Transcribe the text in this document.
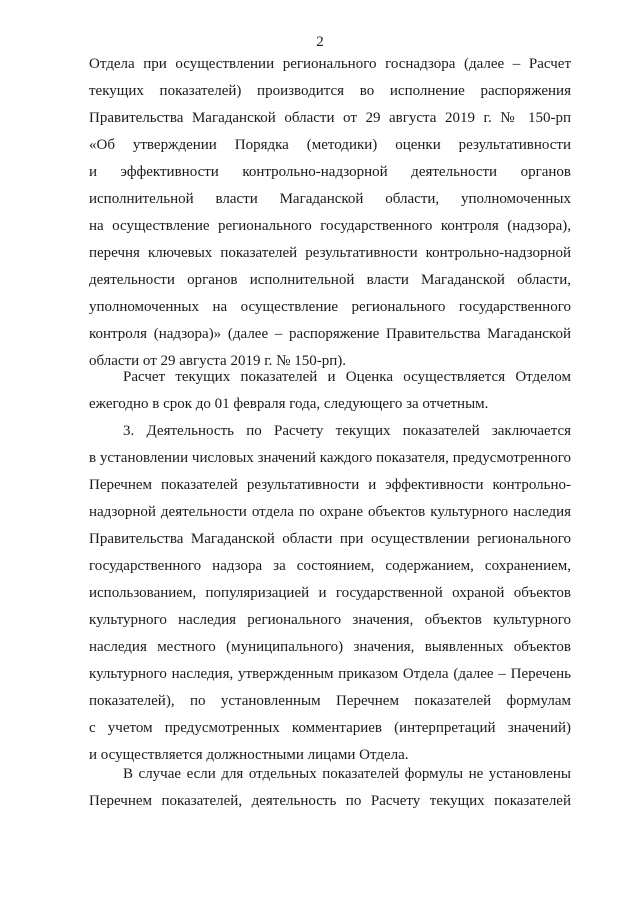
2
Отдела при осуществлении регионального госнадзора (далее – Расчет
текущих показателей) производится во исполнение распоряжения
Правительства Магаданской области от 29 августа 2019 г. № 150-рп
«Об утверждении Порядка (методики) оценки результативности
и эффективности контрольно-надзорной деятельности органов
исполнительной власти Магаданской области, уполномоченных
на осуществление регионального государственного контроля (надзора),
перечня ключевых показателей результативности контрольно-надзорной
деятельности органов исполнительной власти Магаданской области,
уполномоченных на осуществление регионального государственного
контроля (надзора)» (далее – распоряжение Правительства Магаданской
области от 29 августа 2019 г. № 150-рп).
Расчет текущих показателей и Оценка осуществляется Отделом
ежегодно в срок до 01 февраля года, следующего за отчетным.
3. Деятельность по Расчету текущих показателей заключается
в установлении числовых значений каждого показателя, предусмотренного
Перечнем показателей результативности и эффективности контрольно-
надзорной деятельности отдела по охране объектов культурного наследия
Правительства Магаданской области при осуществлении регионального
государственного надзора за состоянием, содержанием, сохранением,
использованием, популяризацией и государственной охраной объектов
культурного наследия регионального значения, объектов культурного
наследия местного (муниципального) значения, выявленных объектов
культурного наследия, утвержденным приказом Отдела (далее – Перечень
показателей), по установленным Перечнем показателей формулам
с учетом предусмотренных комментариев (интерпретаций значений)
и осуществляется должностными лицами Отдела.
В случае если для отдельных показателей формулы не установлены
Перечнем показателей, деятельность по Расчету текущих показателей
